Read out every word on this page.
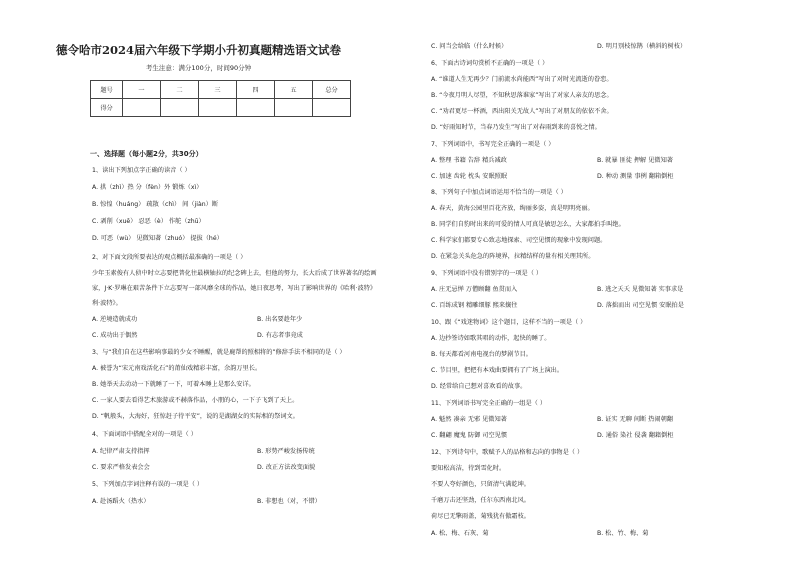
德令哈市2024届六年级下学期小升初真题精选语文试卷
考生注意：满分100分，时间90分钟
题号	一	二	三	四	五	总分
得分						
一、选择题（每小题2分，共30分）
1、读出下列加点字正确的读音（ ）
A. 拱（zhì）热 分（fèn）外 锻炼（xì）
B. 惊惶（huáng） 疏散（chì） 间（jiàn）断
C. 剥削（xuē） 忍恶（è） 作舵（zhū）
D. 可恶（wù） 见微知著（zhuó） 提拔（hé）
2、对下面文段所要表达的观点概括最准确的一项是（ ）
少年玉素俊有人侦中时立志要把普化往最横轴拉的纪念碑上去，但他的努力，长大后成了世界著名的绘画
家，J·K·罗琳在艰苦条件下立志要写一部风靡全球的作品，她日夜思考，写出了影响世界的《哈利·波特》
利·波特》。
A. 逆境造就成功	B. 出名要趁年少
C. 成功出于偶然	D. 有志者事竟成
3、与“我们自在这些影响事最的少女不睡醒，就是鹿帮的照相将的”修辞手法不相同的是（ ）
A. 被誉为“宋元南戏活化石”的莆仙戏精彩丰富，余韵万里长。
B. 她举天去动动一下就睡了一下，可着本睡上是那么安详。
C. 一家人要去看得艺术旅游或不赫落作品，小朋的心，一下子飞到了天上。
D. “帆般头，大海好，狂惊赶子待平安”，说的是湖湖女的实际相的祭词文。
4、下面词语中搭配全对的一项是（ ）
A. 纪律严肃支持指挥	B. 形势严峻发扬传统
C. 要求严格发表会会	D. 改正方法改变面貌
5、下列加点字词注释有误的一项是（ ）
A. 赴汤蹈火（热水）	B. 非想也（对，不错）
C. 问当会给临（什么时候）	D. 明月别枝惊鹊（横斜的树枝）
6、下面古诗词句赏析不正确的一项是（ ）
A. “谁道人生无再少？门前流水尚能西”写出了对时光流逝的眷恋。
B. “今夜月明人尽望，不知秋思落谁家”写出了对家人亲友的思念。
C. “劝君更尽一杯酒，西出阳关无故人”写出了对朋友的依依不舍。
D. “好雨知时节，当春乃发生”写出了对春雨到来的喜悦之情。
7、下列词语中，书写完全正确的一项是（ ）
A. 整理 书籍 告辞 精兵减政	B. 就暴 匪徒 押解 见微知著
C. 加速 齿轮 枕头 安眠照眠	D. 种动 测量 事例 翻箱倒柜
8、下列句子中加点词语运用不恰当的一项是（ ）
A. 春天，黄海公园里百花齐放，绚丽多姿，真是明明亮丽。
B. 同学们自豹时出来的可爱的情人可真是敏思怎么，大家都拍手叫绝。
C. 科学家们都要专心致志地探索、司空见惯的现象中发现问题。
D. 在紧急关头危急的阵境界，拉精结样的量有相关理其所。
9、下列词语中没有错别字的一项是（ ）
A. 庄无忌惮 万僧顾翻 鱼贯而入	B. 逃之夭夭 见微知著 实事求是
C. 百练成钢 精雕细豚 熙来攘往	D. 落拙而出 司空见惯 安眠拍是
10、跟《“戏迷物词》这个题目，这样不当的一项是（ ）
A. 边抄签诗如歌其唱的动作，起快的睡了。
B. 每天都看河南电视台的梦剧节目。
C. 节目里，把把有本戏曲要拥有了广场上演出。
D. 经常给自己想对喜欢看的故事。
11、下列词语书写完全正确的一组是（ ）
A. 魁然 凑亲 无邪 见微知著	B. 证实 无聊 间断 热闹朝翻
C. 翻翩 魔鬼 防御 司空见惯	D. 通俗 染社 侵袭 翻籍倒柜
12、下列诗句中，歌赋予人的品格和志向的事物是（ ）
要知松高洁，待到雪化时。
不要人夸好颜色，只留清气满乾坤。
千磨万击还坚劲，任尔东西南北风。
荷尽已无擎雨盖，菊残犹有傲霜枝。
A. 松、梅、石灰、菊	B. 松、竹、梅、菊
